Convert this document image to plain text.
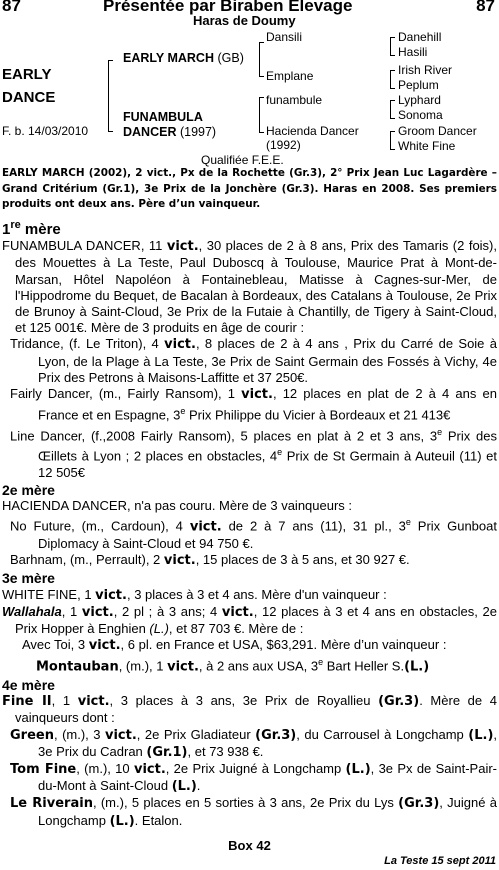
87	Présentée par Biraben Elevage	87
Haras de Doumy
EARLY
DANCE
F. b. 14/03/2010
EARLY MARCH (GB)
FUNAMBULA
DANCER (1997)
Dansili
Emplane
funambule
Hacienda Dancer
(1992)
Danehill
Hasili
Irish River
Peplum
Lyphard
Sonoma
Groom Dancer
White Fine
Qualifiée F.E.E.
EARLY MARCH (2002), 2 vict., Px de la Rochette (Gr.3), 2° Prix Jean Luc Lagardère – Grand Critérium (Gr.1), 3e Prix de la Jonchère (Gr.3). Haras en 2008. Ses premiers produits ont deux ans. Père d’un vainqueur.
1re mère

FUNAMBULA DANCER, 11 vict., 30 places de 2 à 8 ans, Prix des Tamaris (2 fois), des Mouettes à La Teste, Paul Duboscq à Toulouse, Maurice Prat à Mont-de-Marsan, Hôtel Napoléon à Fontainebleau, Matisse à Cagnes-sur-Mer, de l'Hippodrome du Bequet, de Bacalan à Bordeaux, des Catalans à Toulouse, 2e Prix de Brunoy à Saint-Cloud, 3e Prix de la Futaie à Chantilly, de Tigery à Saint-Cloud, et 125 001€. Mère de 3 produits en âge de courir :

Tridance, (f. Le Triton), 4 vict., 8 places de 2 à 4 ans , Prix du Carré de Soie à Lyon, de la Plage à La Teste, 3e Prix de Saint Germain des Fossés à Vichy, 4e Prix des Petrons à Maisons-Laffitte et 37 250€.

Fairly Dancer, (m., Fairly Ransom), 1 vict., 12 places en plat de 2 à 4 ans en France et en Espagne, 3e Prix Philippe du Vicier à Bordeaux et 21 413€

Line Dancer, (f.,2008 Fairly Ransom), 5 places en plat à 2 et 3 ans, 3e Prix des Œillets à Lyon ; 2 places en obstacles, 4e Prix de St Germain à Auteuil (11) et 12 505€

2e mère

HACIENDA DANCER, n'a pas couru. Mère de 3 vainqueurs :

No Future, (m., Cardoun), 4 vict. de 2 à 7 ans (11), 31 pl., 3e Prix Gunboat Diplomacy à Saint-Cloud et 94 750 €.

Barhnam, (m., Perrault), 2 vict., 15 places de 3 à 5 ans, et 30 927 €.

3e mère

WHITE FINE, 1 vict., 3 places à 3 et 4 ans. Mère d'un vainqueur :

Wallahala, 1 vict., 2 pl ; à 3 ans; 4 vict., 12 places à 3 et 4 ans en obstacles, 2e Prix Hopper à Enghien (L.), et 87 703 €. Mère de :

Avec Toi, 3 vict., 6 pl. en France et USA, $63,291. Mère d’un vainqueur :

Montauban, (m.), 1 vict., à 2 ans aux USA, 3e Bart Heller S.(L.)

4e mère

Fine II, 1 vict., 3 places à 3 ans, 3e Prix de Royallieu (Gr.3). Mère de 4 vainqueurs dont :

Green, (m.), 3 vict., 2e Prix Gladiateur (Gr.3), du Carrousel à Longchamp (L.), 3e Prix du Cadran (Gr.1), et 73 938 €.

Tom Fine, (m.), 10 vict., 2e Prix Juigné à Longchamp (L.), 3e Px de Saint-Pair-du-Mont à Saint-Cloud (L.).

Le Riverain, (m.), 5 places en 5 sorties à 3 ans, 2e Prix du Lys (Gr.3), Juigné à Longchamp (L.). Etalon.

Box 42
La Teste 15 sept 2011
